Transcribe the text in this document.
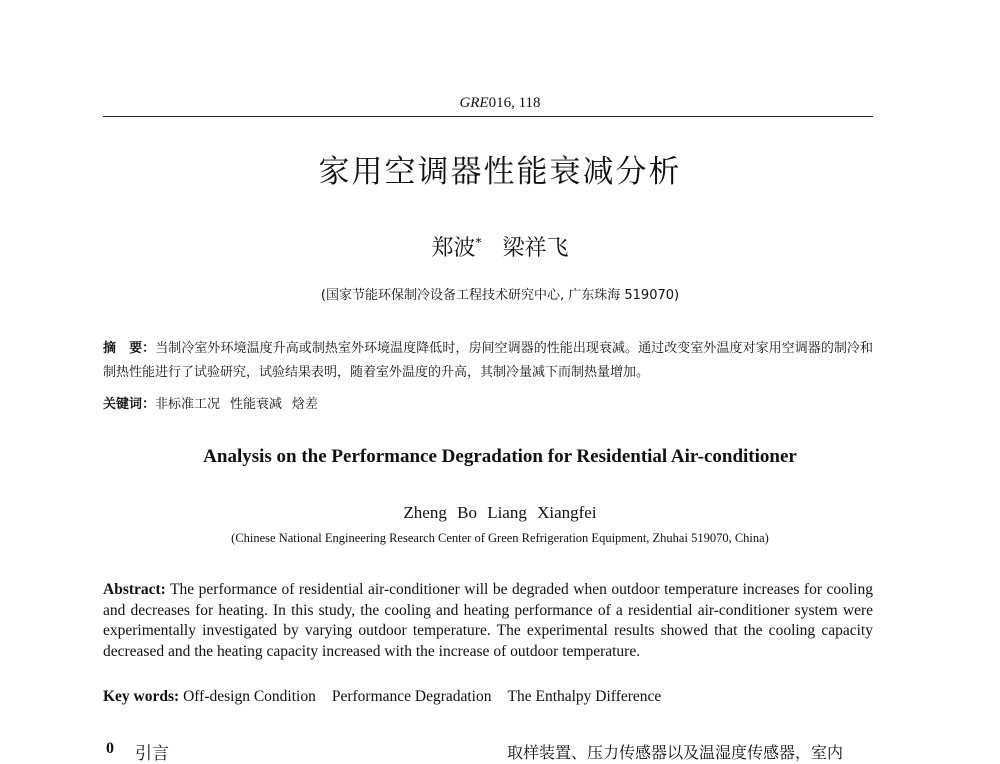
GRE016, 118
家用空调器性能衰减分析
郑波* 梁祥飞
(国家节能环保制冷设备工程技术研究中心, 广东珠海 519070)
摘　要：当制冷室外环境温度升高或制热室外环境温度降低时，房间空调器的性能出现衰减。通过改变室外温度对家用空调器的制冷和制热性能进行了试验研究，试验结果表明，随着室外温度的升高，其制冷量减下而制热量增加。
关键词：非标准工况 性能衰减 焓差
Analysis on the Performance Degradation for Residential Air-conditioner
Zheng Bo Liang Xiangfei
(Chinese National Engineering Research Center of Green Refrigeration Equipment, Zhuhai 519070, China)
Abstract: The performance of residential air-conditioner will be degraded when outdoor temperature increases for cooling and decreases for heating. In this study, the cooling and heating performance of a residential air-conditioner system were experimentally investigated by varying outdoor temperature. The experimental results showed that the cooling capacity decreased and the heating capacity increased with the increase of outdoor temperature.
Key words: Off-design Condition Performance Degradation The Enthalpy Difference
0 引言	取样装置、压力传感器以及温湿度传感器，室内
